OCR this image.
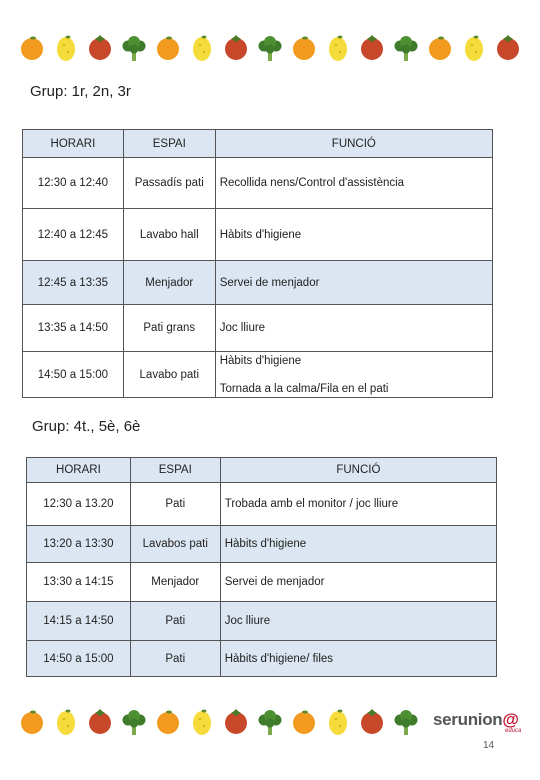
Grup: 1r, 2n, 3r
HORARI	ESPAI	FUNCIÓ
12:30 a 12:40	Passadís pati	Recollida nens/Control d'assistència
12:40 a 12:45	Lavabo hall	Hàbits d'higiene
12:45 a 13:35	Menjador	Servei de menjador
13:35 a 14:50	Pati grans	Joc lliure
14:50 a 15:00	Lavabo pati	Hàbits d'higiene
Tornada a la calma/Fila en el pati
Grup: 4t., 5è, 6è
HORARI	ESPAI	FUNCIÓ
12:30 a 13.20	Pati	Trobada amb el monitor / joc lliure
13:20 a 13:30	Lavabos pati	Hàbits d'higiene
13:30 a 14:15	Menjador	Servei de menjador
14:15 a 14:50	Pati	Joc lliure
14:50 a 15:00	Pati	Hàbits d'higiene/ files
serunion@
educa
14
